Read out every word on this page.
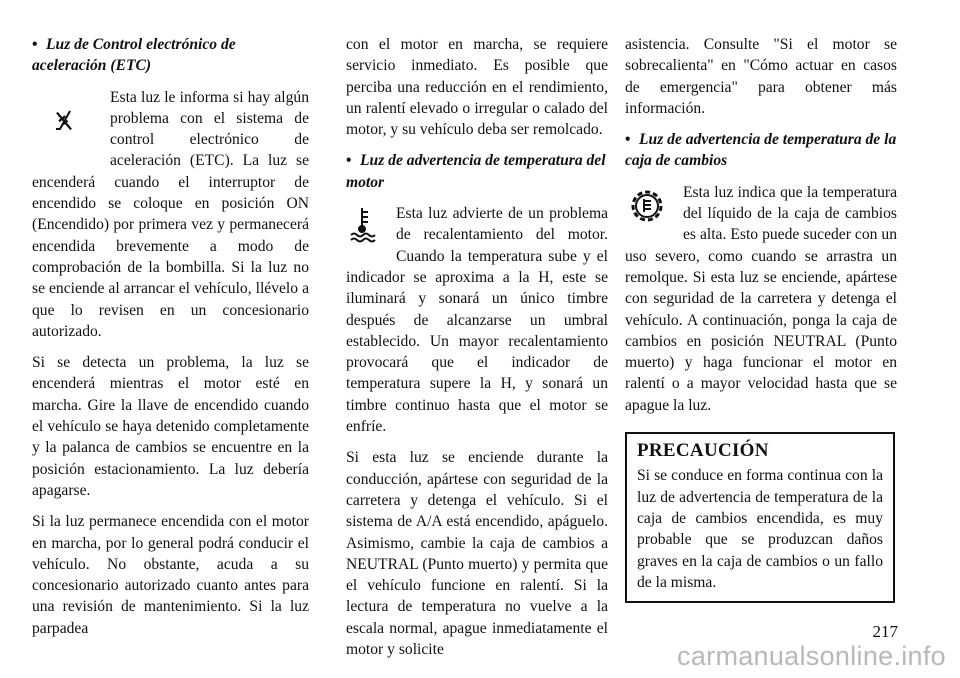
• Luz de Control electrónico de aceleración (ETC)

Esta luz le informa si hay algún problema con el sistema de control electrónico de aceleración (ETC). La luz se encenderá cuando el interruptor de encendido se coloque en posición ON (Encendido) por primera vez y permanecerá encendida brevemente a modo de comprobación de la bombilla. Si la luz no se enciende al arrancar el vehículo, llévelo a que lo revisen en un concesionario autorizado.

Si se detecta un problema, la luz se encenderá mientras el motor esté en marcha. Gire la llave de encendido cuando el vehículo se haya detenido completamente y la palanca de cambios se encuentre en la posición estacionamiento. La luz debería apagarse.

Si la luz permanece encendida con el motor en marcha, por lo general podrá conducir el vehículo. No obstante, acuda a su concesionario autorizado cuanto antes para una revisión de mantenimiento. Si la luz parpadea

con el motor en marcha, se requiere servicio inmediato. Es posible que perciba una reducción en el rendimiento, un ralentí elevado o irregular o calado del motor, y su vehículo deba ser remolcado.

• Luz de advertencia de temperatura del motor

Esta luz advierte de un problema de recalentamiento del motor. Cuando la temperatura sube y el indicador se aproxima a la H, este se iluminará y sonará un único timbre después de alcanzarse un umbral establecido. Un mayor recalentamiento provocará que el indicador de temperatura supere la H, y sonará un timbre continuo hasta que el motor se enfríe.

Si esta luz se enciende durante la conducción, apártese con seguridad de la carretera y detenga el vehículo. Si el sistema de A/A está encendido, apáguelo. Asimismo, cambie la caja de cambios a NEUTRAL (Punto muerto) y permita que el vehículo funcione en ralentí. Si la lectura de temperatura no vuelve a la escala normal, apague inmediatamente el motor y solicite

asistencia. Consulte "Si el motor se sobrecalienta" en "Cómo actuar en casos de emergencia" para obtener más información.

• Luz de advertencia de temperatura de la caja de cambios

Esta luz indica que la temperatura del líquido de la caja de cambios es alta. Esto puede suceder con un uso severo, como cuando se arrastra un remolque. Si esta luz se enciende, apártese con seguridad de la carretera y detenga el vehículo. A continuación, ponga la caja de cambios en posición NEUTRAL (Punto muerto) y haga funcionar el motor en ralentí o a mayor velocidad hasta que se apague la luz.

PRECAUCIÓN

Si se conduce en forma continua con la luz de advertencia de temperatura de la caja de cambios encendida, es muy probable que se produzcan daños graves en la caja de cambios o un fallo de la misma.

217
carmanualsonline.info
